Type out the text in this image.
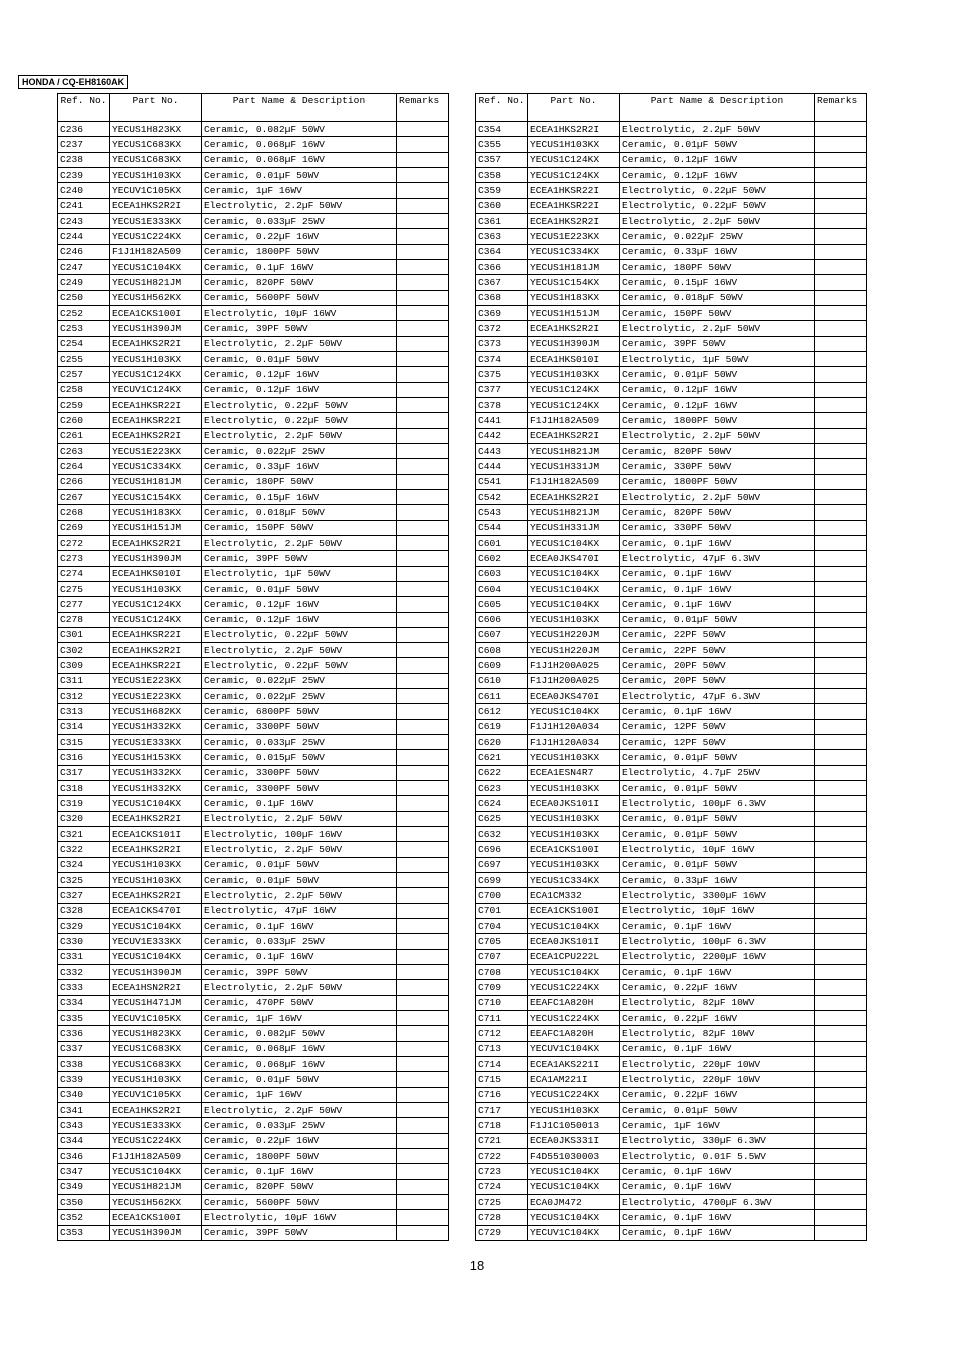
HONDA / CQ-EH8160AK
Ref. No.	Part No.	Part Name & Description	Remarks
C236	YECUS1H823KX	Ceramic, 0.082µF 50WV	
C237	YECUS1C683KX	Ceramic, 0.068µF 16WV	
C238	YECUS1C683KX	Ceramic, 0.068µF 16WV	
C239	YECUS1H103KX	Ceramic, 0.01µF 50WV	
C240	YECUV1C105KX	Ceramic, 1µF 16WV	
C241	ECEA1HKS2R2I	Electrolytic, 2.2µF 50WV	
C243	YECUS1E333KX	Ceramic, 0.033µF 25WV	
C244	YECUS1C224KX	Ceramic, 0.22µF 16WV	
C246	F1J1H182A509	Ceramic, 1800PF 50WV	
C247	YECUS1C104KX	Ceramic, 0.1µF 16WV	
C249	YECUS1H821JM	Ceramic, 820PF 50WV	
C250	YECUS1H562KX	Ceramic, 5600PF 50WV	
C252	ECEA1CKS100I	Electrolytic, 10µF 16WV	
C253	YECUS1H390JM	Ceramic, 39PF 50WV	
C254	ECEA1HKS2R2I	Electrolytic, 2.2µF 50WV	
C255	YECUS1H103KX	Ceramic, 0.01µF 50WV	
C257	YECUS1C124KX	Ceramic, 0.12µF 16WV	
C258	YECUV1C124KX	Ceramic, 0.12µF 16WV	
C259	ECEA1HKSR22I	Electrolytic, 0.22µF 50WV	
C260	ECEA1HKSR22I	Electrolytic, 0.22µF 50WV	
C261	ECEA1HKS2R2I	Electrolytic, 2.2µF 50WV	
C263	YECUS1E223KX	Ceramic, 0.022µF 25WV	
C264	YECUS1C334KX	Ceramic, 0.33µF 16WV	
C266	YECUS1H181JM	Ceramic, 180PF 50WV	
C267	YECUS1C154KX	Ceramic, 0.15µF 16WV	
C268	YECUS1H183KX	Ceramic, 0.018µF 50WV	
C269	YECUS1H151JM	Ceramic, 150PF 50WV	
C272	ECEA1HKS2R2I	Electrolytic, 2.2µF 50WV	
C273	YECUS1H390JM	Ceramic, 39PF 50WV	
C274	ECEA1HKS010I	Electrolytic, 1µF 50WV	
C275	YECUS1H103KX	Ceramic, 0.01µF 50WV	
C277	YECUS1C124KX	Ceramic, 0.12µF 16WV	
C278	YECUS1C124KX	Ceramic, 0.12µF 16WV	
C301	ECEA1HKSR22I	Electrolytic, 0.22µF 50WV	
C302	ECEA1HKS2R2I	Electrolytic, 2.2µF 50WV	
C309	ECEA1HKSR22I	Electrolytic, 0.22µF 50WV	
C311	YECUS1E223KX	Ceramic, 0.022µF 25WV	
C312	YECUS1E223KX	Ceramic, 0.022µF 25WV	
C313	YECUS1H682KX	Ceramic, 6800PF 50WV	
C314	YECUS1H332KX	Ceramic, 3300PF 50WV	
C315	YECUS1E333KX	Ceramic, 0.033µF 25WV	
C316	YECUS1H153KX	Ceramic, 0.015µF 50WV	
C317	YECUS1H332KX	Ceramic, 3300PF 50WV	
C318	YECUS1H332KX	Ceramic, 3300PF 50WV	
C319	YECUS1C104KX	Ceramic, 0.1µF 16WV	
C320	ECEA1HKS2R2I	Electrolytic, 2.2µF 50WV	
C321	ECEA1CKS101I	Electrolytic, 100µF 16WV	
C322	ECEA1HKS2R2I	Electrolytic, 2.2µF 50WV	
C324	YECUS1H103KX	Ceramic, 0.01µF 50WV	
C325	YECUS1H103KX	Ceramic, 0.01µF 50WV	
C327	ECEA1HKS2R2I	Electrolytic, 2.2µF 50WV	
C328	ECEA1CKS470I	Electrolytic, 47µF 16WV	
C329	YECUS1C104KX	Ceramic, 0.1µF 16WV	
C330	YECUV1E333KX	Ceramic, 0.033µF 25WV	
C331	YECUS1C104KX	Ceramic, 0.1µF 16WV	
C332	YECUS1H390JM	Ceramic, 39PF 50WV	
C333	ECEA1HSN2R2I	Electrolytic, 2.2µF 50WV	
C334	YECUS1H471JM	Ceramic, 470PF 50WV	
C335	YECUV1C105KX	Ceramic, 1µF 16WV	
C336	YECUS1H823KX	Ceramic, 0.082µF 50WV	
C337	YECUS1C683KX	Ceramic, 0.068µF 16WV	
C338	YECUS1C683KX	Ceramic, 0.068µF 16WV	
C339	YECUS1H103KX	Ceramic, 0.01µF 50WV	
C340	YECUV1C105KX	Ceramic, 1µF 16WV	
C341	ECEA1HKS2R2I	Electrolytic, 2.2µF 50WV	
C343	YECUS1E333KX	Ceramic, 0.033µF 25WV	
C344	YECUS1C224KX	Ceramic, 0.22µF 16WV	
C346	F1J1H182A509	Ceramic, 1800PF 50WV	
C347	YECUS1C104KX	Ceramic, 0.1µF 16WV	
C349	YECUS1H821JM	Ceramic, 820PF 50WV	
C350	YECUS1H562KX	Ceramic, 5600PF 50WV	
C352	ECEA1CKS100I	Electrolytic, 10µF 16WV	
C353	YECUS1H390JM	Ceramic, 39PF 50WV	
Ref. No.	Part No.	Part Name & Description	Remarks
C354	ECEA1HKS2R2I	Electrolytic, 2.2µF 50WV	
C355	YECUS1H103KX	Ceramic, 0.01µF 50WV	
C357	YECUS1C124KX	Ceramic, 0.12µF 16WV	
C358	YECUS1C124KX	Ceramic, 0.12µF 16WV	
C359	ECEA1HKSR22I	Electrolytic, 0.22µF 50WV	
C360	ECEA1HKSR22I	Electrolytic, 0.22µF 50WV	
C361	ECEA1HKS2R2I	Electrolytic, 2.2µF 50WV	
C363	YECUS1E223KX	Ceramic, 0.022µF 25WV	
C364	YECUS1C334KX	Ceramic, 0.33µF 16WV	
C366	YECUS1H181JM	Ceramic, 180PF 50WV	
C367	YECUS1C154KX	Ceramic, 0.15µF 16WV	
C368	YECUS1H183KX	Ceramic, 0.018µF 50WV	
C369	YECUS1H151JM	Ceramic, 150PF 50WV	
C372	ECEA1HKS2R2I	Electrolytic, 2.2µF 50WV	
C373	YECUS1H390JM	Ceramic, 39PF 50WV	
C374	ECEA1HKS010I	Electrolytic, 1µF 50WV	
C375	YECUS1H103KX	Ceramic, 0.01µF 50WV	
C377	YECUS1C124KX	Ceramic, 0.12µF 16WV	
C378	YECUS1C124KX	Ceramic, 0.12µF 16WV	
C441	F1J1H182A509	Ceramic, 1800PF 50WV	
C442	ECEA1HKS2R2I	Electrolytic, 2.2µF 50WV	
C443	YECUS1H821JM	Ceramic, 820PF 50WV	
C444	YECUS1H331JM	Ceramic, 330PF 50WV	
C541	F1J1H182A509	Ceramic, 1800PF 50WV	
C542	ECEA1HKS2R2I	Electrolytic, 2.2µF 50WV	
C543	YECUS1H821JM	Ceramic, 820PF 50WV	
C544	YECUS1H331JM	Ceramic, 330PF 50WV	
C601	YECUS1C104KX	Ceramic, 0.1µF 16WV	
C602	ECEA0JKS470I	Electrolytic, 47µF 6.3WV	
C603	YECUS1C104KX	Ceramic, 0.1µF 16WV	
C604	YECUS1C104KX	Ceramic, 0.1µF 16WV	
C605	YECUS1C104KX	Ceramic, 0.1µF 16WV	
C606	YECUS1H103KX	Ceramic, 0.01µF 50WV	
C607	YECUS1H220JM	Ceramic, 22PF 50WV	
C608	YECUS1H220JM	Ceramic, 22PF 50WV	
C609	F1J1H200A025	Ceramic, 20PF 50WV	
C610	F1J1H200A025	Ceramic, 20PF 50WV	
C611	ECEA0JKS470I	Electrolytic, 47µF 6.3WV	
C612	YECUS1C104KX	Ceramic, 0.1µF 16WV	
C619	F1J1H120A034	Ceramic, 12PF 50WV	
C620	F1J1H120A034	Ceramic, 12PF 50WV	
C621	YECUS1H103KX	Ceramic, 0.01µF 50WV	
C622	ECEA1ESN4R7	Electrolytic, 4.7µF 25WV	
C623	YECUS1H103KX	Ceramic, 0.01µF 50WV	
C624	ECEA0JKS101I	Electrolytic, 100µF 6.3WV	
C625	YECUS1H103KX	Ceramic, 0.01µF 50WV	
C632	YECUS1H103KX	Ceramic, 0.01µF 50WV	
C696	ECEA1CKS100I	Electrolytic, 10µF 16WV	
C697	YECUS1H103KX	Ceramic, 0.01µF 50WV	
C699	YECUS1C334KX	Ceramic, 0.33µF 16WV	
C700	ECA1CM332	Electrolytic, 3300µF 16WV	
C701	ECEA1CKS100I	Electrolytic, 10µF 16WV	
C704	YECUS1C104KX	Ceramic, 0.1µF 16WV	
C705	ECEA0JKS101I	Electrolytic, 100µF 6.3WV	
C707	ECEA1CPU222L	Electrolytic, 2200µF 16WV	
C708	YECUS1C104KX	Ceramic, 0.1µF 16WV	
C709	YECUS1C224KX	Ceramic, 0.22µF 16WV	
C710	EEAFC1A820H	Electrolytic, 82µF 10WV	
C711	YECUS1C224KX	Ceramic, 0.22µF 16WV	
C712	EEAFC1A820H	Electrolytic, 82µF 10WV	
C713	YECUV1C104KX	Ceramic, 0.1µF 16WV	
C714	ECEA1AKS221I	Electrolytic, 220µF 10WV	
C715	ECA1AM221I	Electrolytic, 220µF 10WV	
C716	YECUS1C224KX	Ceramic, 0.22µF 16WV	
C717	YECUS1H103KX	Ceramic, 0.01µF 50WV	
C718	F1J1C1050013	Ceramic, 1µF 16WV	
C721	ECEA0JKS331I	Electrolytic, 330µF 6.3WV	
C722	F4D551030003	Electrolytic, 0.01F 5.5WV	
C723	YECUS1C104KX	Ceramic, 0.1µF 16WV	
C724	YECUS1C104KX	Ceramic, 0.1µF 16WV	
C725	ECA0JM472	Electrolytic, 4700µF 6.3WV	
C728	YECUS1C104KX	Ceramic, 0.1µF 16WV	
C729	YECUV1C104KX	Ceramic, 0.1µF 16WV	
18
